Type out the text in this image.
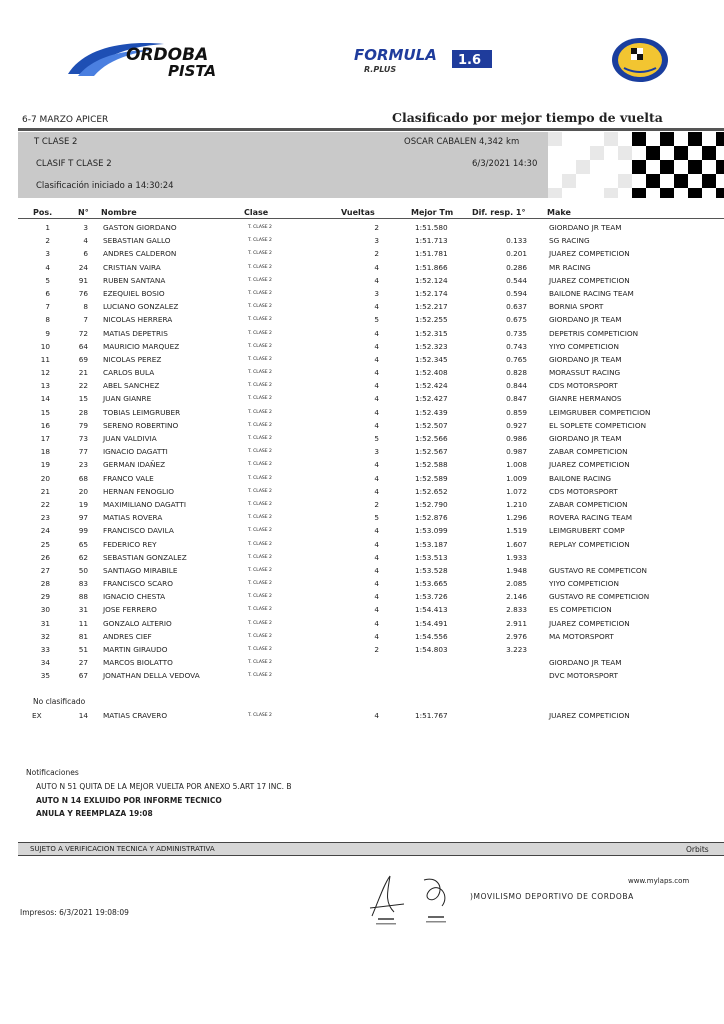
ORDOBA
PISTA
FORMULA 1.6
R.PLUS
6-7 MARZO APICER	Clasificado por mejor tiempo de vuelta
T CLASE 2	OSCAR CABALEN 4,342 km
CLASIF T CLASE 2	6/3/2021 14:30
Clasificación iniciado a 14:30:24
Pos.	N° Nombre	Clase	Vueltas	Mejor Tm Dif. resp. 1°	Make
1	3 GASTON GIORDANO	T. CLASE 2	2	1:51.580	GIORDANO JR TEAM
2	4 SEBASTIAN GALLO	T. CLASE 2	3	1:51.713	0.133	SG RACING
3	6 ANDRES CALDERON	T. CLASE 2	2	1:51.781	0.201	JUAREZ COMPETICION
4	24 CRISTIAN VAIRA	T. CLASE 2	4	1:51.866	0.286	MR RACING
5	91 RUBEN SANTANA	T. CLASE 2	4	1:52.124	0.544	JUAREZ COMPETICION
6	76 EZEQUIEL BOSIO	T. CLASE 2	3	1:52.174	0.594	BAILONE RACING TEAM
7	8 LUCIANO GONZALEZ	T. CLASE 2	4	1:52.217	0.637	BORNIA SPORT
8	7 NICOLAS HERRERA	T. CLASE 2	5	1:52.255	0.675	GIORDANO JR TEAM
9	72 MATIAS DEPETRIS	T. CLASE 2	4	1:52.315	0.735	DEPETRIS COMPETICION
10	64 MAURICIO MARQUEZ	T. CLASE 2	4	1:52.323	0.743	YIYO COMPETICION
11	69 NICOLAS PEREZ	T. CLASE 2	4	1:52.345	0.765	GIORDANO JR TEAM
12	21 CARLOS BULA	T. CLASE 2	4	1:52.408	0.828	MORASSUT RACING
13	22 ABEL SANCHEZ	T. CLASE 2	4	1:52.424	0.844	CDS MOTORSPORT
14	15 JUAN GIANRE	T. CLASE 2	4	1:52.427	0.847	GIANRE HERMANOS
15	28 TOBIAS LEIMGRUBER	T. CLASE 2	4	1:52.439	0.859	LEIMGRUBER COMPETICION
16	79 SERENO ROBERTINO	T. CLASE 2	4	1:52.507	0.927	EL SOPLETE COMPETICION
17	73 JUAN VALDIVIA	T. CLASE 2	5	1:52.566	0.986	GIORDANO JR TEAM
18	77 IGNACIO DAGATTI	T. CLASE 2	3	1:52.567	0.987	ZABAR COMPETICION
19	23 GERMAN IDAÑEZ	T. CLASE 2	4	1:52.588	1.008	JUAREZ COMPETICION
20	68 FRANCO VALE	T. CLASE 2	4	1:52.589	1.009	BAILONE RACING
21	20 HERNAN FENOGLIO	T. CLASE 2	4	1:52.652	1.072	CDS MOTORSPORT
22	19 MAXIMILIANO DAGATTI	T. CLASE 2	2	1:52.790	1.210	ZABAR COMPETICION
23	97 MATIAS ROVERA	T. CLASE 2	5	1:52.876	1.296	ROVERA RACING TEAM
24	99 FRANCISCO DAVILA	T. CLASE 2	4	1:53.099	1.519	LEIMGRUBERT COMP
25	65 FEDERICO REY	T. CLASE 2	4	1:53.187	1.607	REPLAY COMPETICION
26	62 SEBASTIAN GONZALEZ	T. CLASE 2	4	1:53.513	1.933
27	50 SANTIAGO MIRABILE	T. CLASE 2	4	1:53.528	1.948	GUSTAVO RE COMPETICON
28	83 FRANCISCO SCARO	T. CLASE 2	4	1:53.665	2.085	YIYO COMPETICION
29	88 IGNACIO CHESTA	T. CLASE 2	4	1:53.726	2.146	GUSTAVO RE COMPETICION
30	31 JOSE FERRERO	T. CLASE 2	4	1:54.413	2.833	ES COMPETICION
31	11 GONZALO ALTERIO	T. CLASE 2	4	1:54.491	2.911	JUAREZ COMPETICION
32	81 ANDRES CIEF	T. CLASE 2	4	1:54.556	2.976	MA MOTORSPORT
33	51 MARTIN GIRAUDO	T. CLASE 2	2	1:54.803	3.223
34	27 MARCOS BIOLATTO	T. CLASE 2	GIORDANO JR TEAM
35	67 JONATHAN DELLA VEDOVA	T. CLASE 2	DVC MOTORSPORT
No clasificado
EX	14 MATIAS CRAVERO	T. CLASE 2	4	1:51.767	JUAREZ COMPETICION
Notificaciones
AUTO N 51 QUITA DE LA MEJOR VUELTA POR ANEXO 5.ART 17 INC. B
AUTO N 14 EXLUIDO POR INFORME TECNICO
ANULA Y REEMPLAZA 19:08
SUJETO A VERIFICACION TECNICA Y ADMINISTRATIVA	Orbits
www.mylaps.com
)MOVILISMO DEPORTIVO DE CORDOBA
Impresos: 6/3/2021 19:08:09
